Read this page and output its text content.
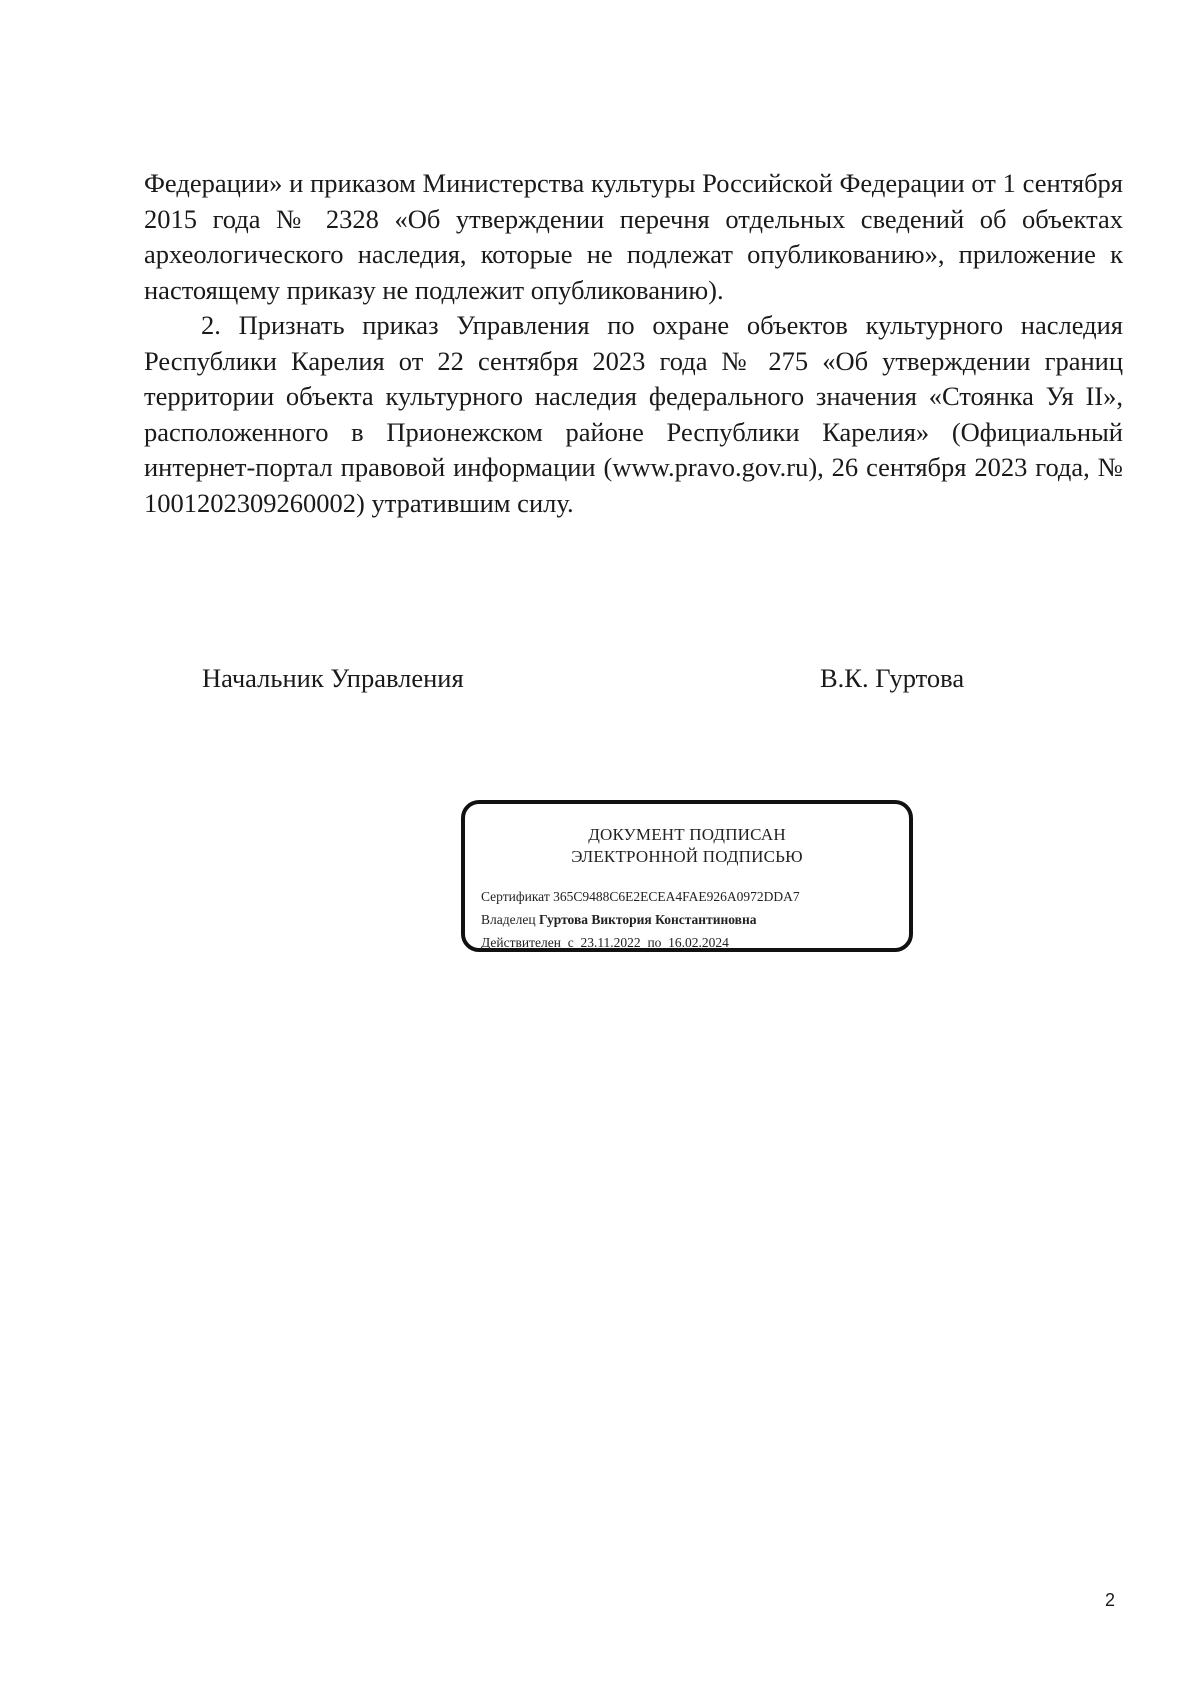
Федерации» и приказом Министерства культуры Российской Федерации от 1 сентября 2015 года № 2328 «Об утверждении перечня отдельных сведений об объектах археологического наследия, которые не подлежат опубликованию», приложение к настоящему приказу не подлежит опубликованию).

2. Признать приказ Управления по охране объектов культурного наследия Республики Карелия от 22 сентября 2023 года № 275 «Об утверждении границ территории объекта культурного наследия федерального значения «Стоянка Уя II», расположенного в Прионежском районе Республики Карелия» (Официальный интернет-портал правовой информации (www.pravo.gov.ru), 26 сентября 2023 года, № 1001202309260002) утратившим силу.

Начальник Управления	В.К. Гуртова
ДОКУМЕНТ ПОДПИСАН
ЭЛЕКТРОННОЙ ПОДПИСЬЮ
Сертификат 365C9488C6E2ECEA4FAE926A0972DDA7
Владелец Гуртова Виктория Константиновна
Действителен с 23.11.2022 по 16.02.2024
2
